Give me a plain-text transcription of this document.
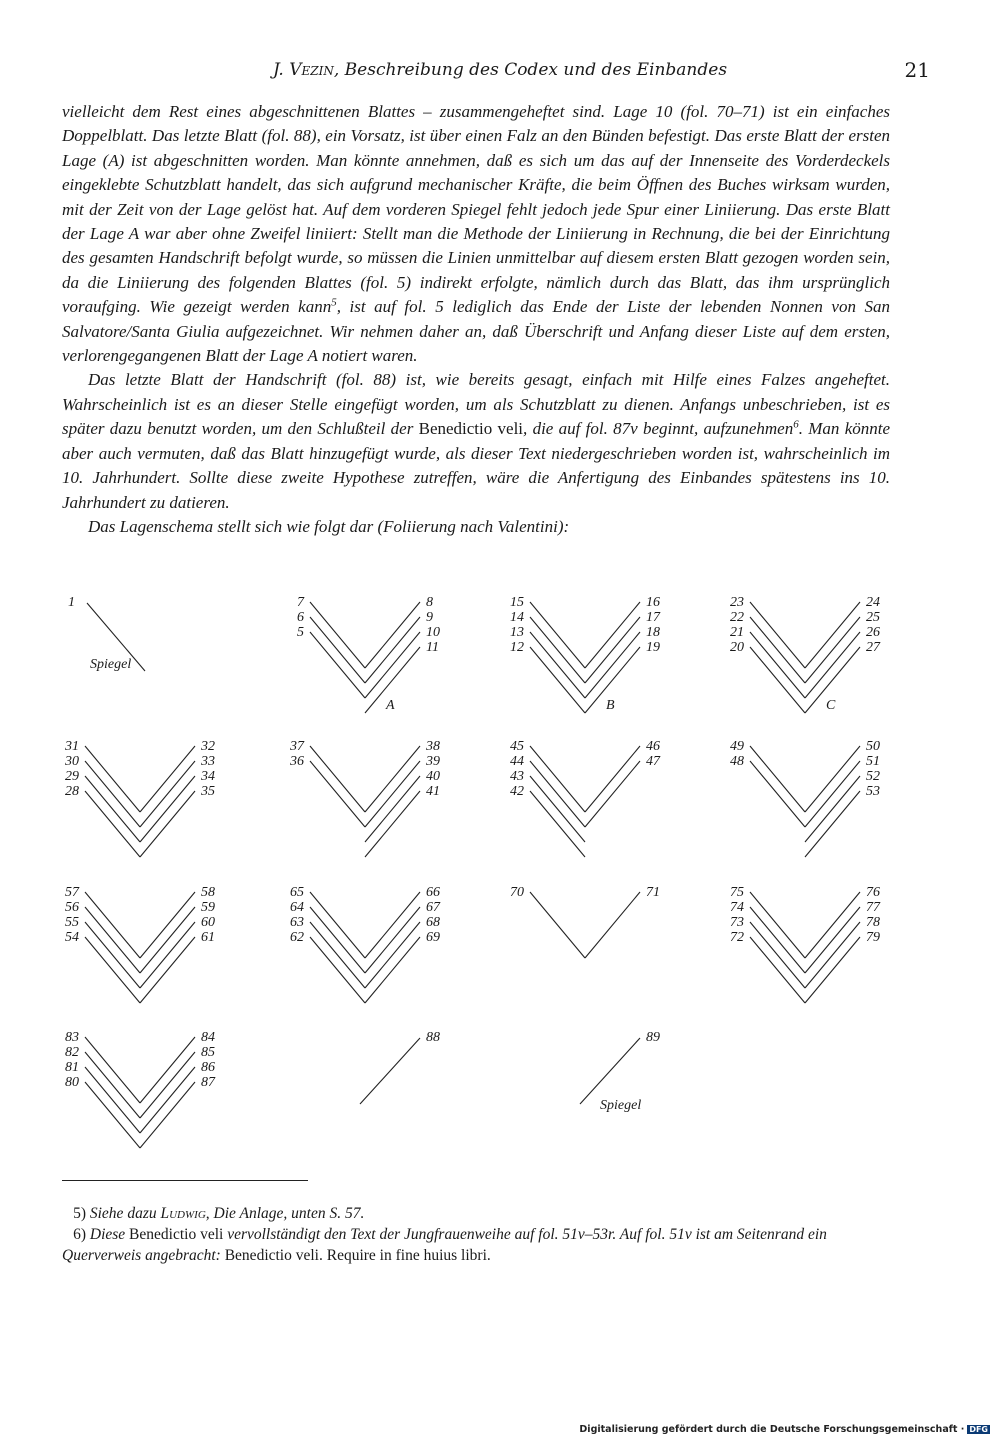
J. Vezin, Beschreibung des Codex und des Einbandes	21

vielleicht dem Rest eines abgeschnittenen Blattes – zusammengeheftet sind. Lage 10 (fol. 70–71) ist ein einfaches Doppelblatt. Das letzte Blatt (fol. 88), ein Vorsatz, ist über einen Falz an den Bünden befestigt. Das erste Blatt der ersten Lage (A) ist abgeschnitten worden. Man könnte annehmen, daß es sich um das auf der Innenseite des Vorderdeckels eingeklebte Schutzblatt handelt, das sich aufgrund mechanischer Kräfte, die beim Öffnen des Buches wirksam wurden, mit der Zeit von der Lage gelöst hat. Auf dem vorderen Spiegel fehlt jedoch jede Spur einer Liniierung. Das erste Blatt der Lage A war aber ohne Zweifel liniiert: Stellt man die Methode der Liniierung in Rechnung, die bei der Einrichtung des gesamten Handschrift befolgt wurde, so müssen die Linien unmittelbar auf diesem ersten Blatt gezogen worden sein, da die Liniierung des folgenden Blattes (fol. 5) indirekt erfolgte, nämlich durch das Blatt, das ihm ursprünglich voraufging. Wie gezeigt werden kann$^5$, ist auf fol. 5 lediglich das Ende der Liste der lebenden Nonnen von San Salvatore/Santa Giulia aufgezeichnet. Wir nehmen daher an, daß Überschrift und Anfang dieser Liste auf dem ersten, verlorengegangenen Blatt der Lage A notiert waren.

Das letzte Blatt der Handschrift (fol. 88) ist, wie bereits gesagt, einfach mit Hilfe eines Falzes angeheftet. Wahrscheinlich ist es an dieser Stelle eingefügt worden, um als Schutzblatt zu dienen. Anfangs unbeschrieben, ist es später dazu benutzt worden, um den Schlußteil der Benedictio veli, die auf fol. 87v beginnt, aufzunehmen$^6$. Man könnte aber auch vermuten, daß das Blatt hinzugefügt wurde, als dieser Text niedergeschrieben worden ist, wahrscheinlich im 10. Jahrhundert. Sollte diese zweite Hypothese zutreffen, wäre die Anfertigung des Einbandes spätestens ins 10. Jahrhundert zu datieren.

Das Lagenschema stellt sich wie folgt dar (Foliierung nach Valentini):

1
Spiegel
7
6
5
8
9
10
11
A
15
14
13
12
16
17
18
19
B
23
22
21
20
24
25
26
27
C
31
30
29
28
32
33
34
35
37
36
38
39
40
41
45
44
43
42
46
47
49
48
50
51
52
53
57
56
55
54
58
59
60
61
65
64
63
62
66
67
68
69
70	71	75
74
73
72
76
77
78
79
83
82
81
80
84
85
86
87
88	89
Spiegel
5) Siehe dazu Ludwig, Die Anlage, unten S. 57.
6) Diese Benedictio veli vervollständigt den Text der Jungfrauenweihe auf fol. 51v–53r. Auf fol. 51v ist am Seitenrand ein Querverweis angebracht: Benedictio veli. Require in fine huius libri.
Digitalisierung gefördert durch die Deutsche Forschungsgemeinschaft · DFG
